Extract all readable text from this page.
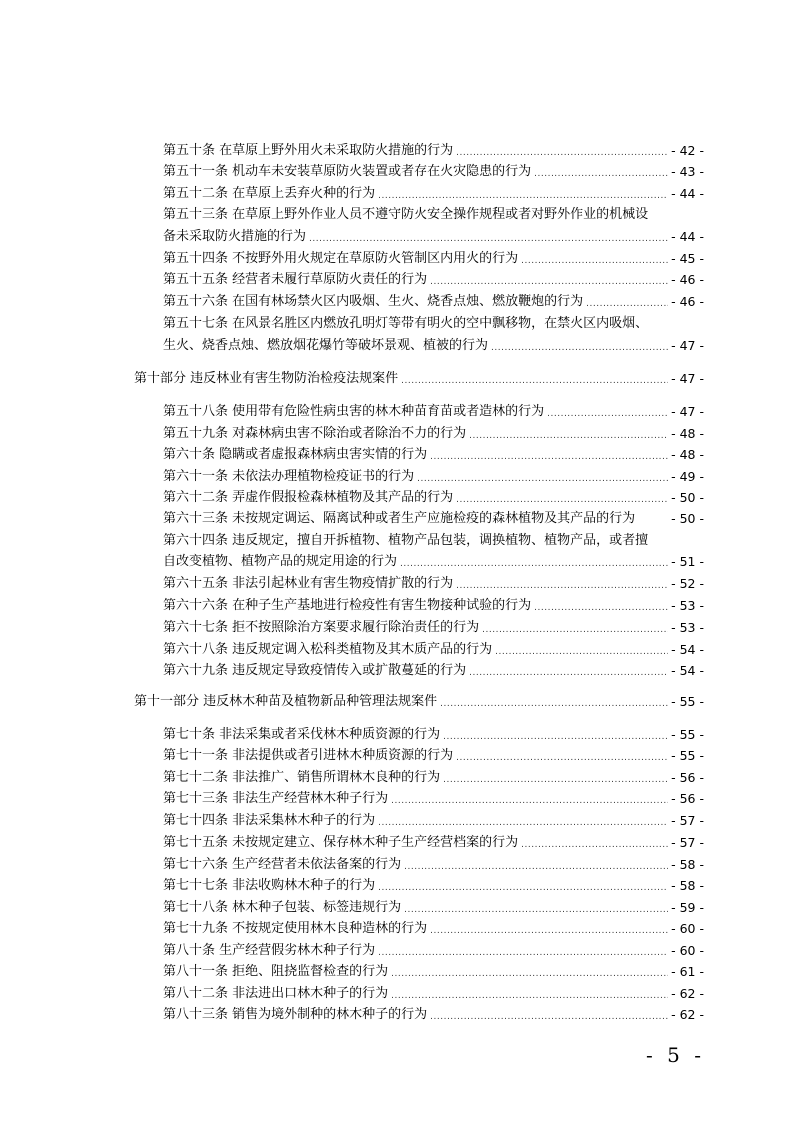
第五十条 在草原上野外用火未采取防火措施的行为 .....	- 42 -
第五十一条 机动车未安装草原防火装置或者存在火灾隐患的行为 .....	- 43 -
第五十二条 在草原上丢弃火种的行为 .....	- 44 -
第五十三条 在草原上野外作业人员不遵守防火安全操作规程或者对野外作业的机械设
备未采取防火措施的行为 .....	- 44 -
第五十四条 不按野外用火规定在草原防火管制区内用火的行为 .....	- 45 -
第五十五条 经营者未履行草原防火责任的行为 .....	- 46 -
第五十六条 在国有林场禁火区内吸烟、生火、烧香点烛、燃放鞭炮的行为 .....	- 46 -
第五十七条 在风景名胜区内燃放孔明灯等带有明火的空中飘移物，在禁火区内吸烟、
生火、烧香点烛、燃放烟花爆竹等破坏景观、植被的行为 .....	- 47 -
第十部分 违反林业有害生物防治检疫法规案件 .....	- 47 -
第五十八条 使用带有危险性病虫害的林木种苗育苗或者造林的行为 .....	- 47 -
第五十九条 对森林病虫害不除治或者除治不力的行为 .....	- 48 -
第六十条 隐瞒或者虚报森林病虫害实情的行为 .....	- 48 -
第六十一条 未依法办理植物检疫证书的行为 .....	- 49 -
第六十二条 弄虚作假报检森林植物及其产品的行为 .....	- 50 -
第六十三条 未按规定调运、隔离试种或者生产应施检疫的森林植物及其产品的行为	- 50 -
第六十四条 违反规定，擅自开拆植物、植物产品包装，调换植物、植物产品，或者擅
自改变植物、植物产品的规定用途的行为 .....	- 51 -
第六十五条 非法引起林业有害生物疫情扩散的行为 .....	- 52 -
第六十六条 在种子生产基地进行检疫性有害生物接种试验的行为 .....	- 53 -
第六十七条 拒不按照除治方案要求履行除治责任的行为 .....	- 53 -
第六十八条 违反规定调入松科类植物及其木质产品的行为 .....	- 54 -
第六十九条 违反规定导致疫情传入或扩散蔓延的行为 .....	- 54 -
第十一部分 违反林木种苗及植物新品种管理法规案件 .....	- 55 -
第七十条 非法采集或者采伐林木种质资源的行为 .....	- 55 -
第七十一条 非法提供或者引进林木种质资源的行为 .....	- 55 -
第七十二条 非法推广、销售所谓林木良种的行为 .....	- 56 -
第七十三条 非法生产经营林木种子行为 .....	- 56 -
第七十四条 非法采集林木种子的行为 .....	- 57 -
第七十五条 未按规定建立、保存林木种子生产经营档案的行为 .....	- 57 -
第七十六条 生产经营者未依法备案的行为 .....	- 58 -
第七十七条 非法收购林木种子的行为 .....	- 58 -
第七十八条 林木种子包装、标签违规行为 .....	- 59 -
第七十九条 不按规定使用林木良种造林的行为 .....	- 60 -
第八十条 生产经营假劣林木种子行为 .....	- 60 -
第八十一条 拒绝、阻挠监督检查的行为 .....	- 61 -
第八十二条 非法进出口林木种子的行为 .....	- 62 -
第八十三条 销售为境外制种的林木种子的行为 .....	- 62 -
- 5 -
